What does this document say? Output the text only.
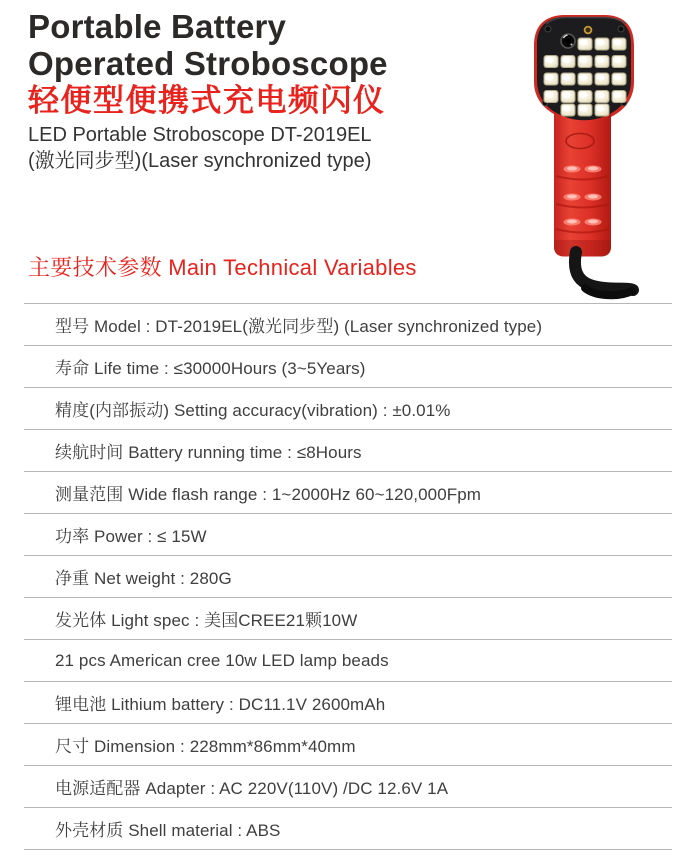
Portable Battery
Operated Stroboscope
轻便型便携式充电频闪仪
LED Portable Stroboscope DT-2019EL
(激光同步型)(Laser synchronized type)
主要技术参数 Main Technical Variables
型号 Model : DT-2019EL(激光同步型) (Laser synchronized type)
寿命 Life time : ≤30000Hours (3~5Years)
精度(内部振动) Setting accuracy(vibration) : ±0.01%
续航时间 Battery running time : ≤8Hours
测量范围 Wide flash range : 1~2000Hz 60~120,000Fpm
功率 Power : ≤ 15W
净重 Net weight : 280G
发光体 Light spec : 美国CREE21颗10W
21 pcs American cree 10w LED lamp beads
锂电池 Lithium battery : DC11.1V 2600mAh
尺寸 Dimension : 228mm*86mm*40mm
电源适配器 Adapter : AC 220V(110V) /DC 12.6V 1A
外壳材质 Shell material : ABS
